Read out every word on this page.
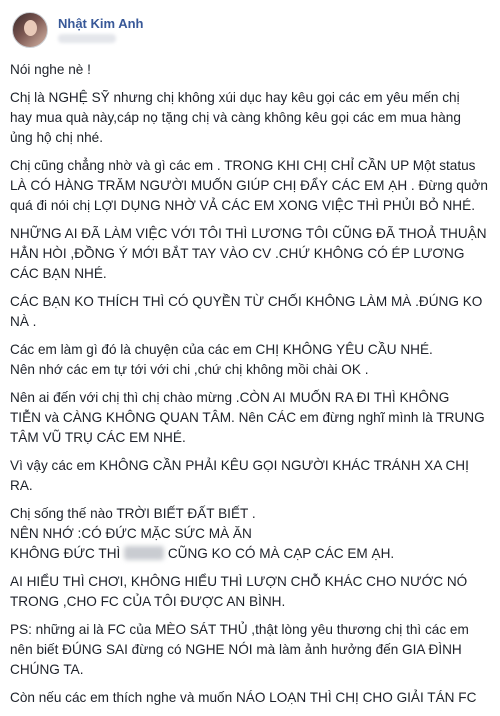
Nhật Kim Anh
Nói nghe nè !
Chị là NGHỆ SỸ nhưng chị không xúi dục hay kêu gọi các em yêu mến chị
hay mua quà này,cáp nọ tặng chị và càng không kêu gọi các em mua hàng
ủng hộ chị nhé.
Chị cũng chẳng nhờ và gì các em . TRONG KHI CHỊ CHỈ CẦN UP Một status
LÀ CÓ HÀNG TRĂM NGƯỜI MUỐN GIÚP CHỊ ĐẨY CÁC EM ẠH . Đừng quởn
quá đi nói chị LỢI DỤNG NHỜ VẢ CÁC EM XONG VIỆC THÌ PHỦI BỎ NHÉ.
NHỮNG AI ĐÃ LÀM VIỆC VỚI TÔI THÌ LƯƠNG TÔI CŨNG ĐÃ THOẢ THUẬN
HẲN HÒI ,ĐỒNG Ý MỚI BẮT TAY VÀO CV .CHỨ KHÔNG CÓ ÉP LƯƠNG
CÁC BẠN NHÉ.
CÁC BẠN KO THÍCH THÌ CÓ QUYỀN TỪ CHỐI KHÔNG LÀM MÀ .ĐÚNG KO
NÀ .
Các em làm gì đó là chuyện của các em CHỊ KHÔNG YÊU CẦU NHÉ.
Nên nhớ các em tự tới với chi ,chứ chị không mồi chài OK .
Nên ai đến với chị thì chị chào mừng .CÒN AI MUỐN RA ĐI THÌ KHÔNG
TIỄN và CÀNG KHÔNG QUAN TÂM. Nên CÁC em đừng nghĩ mình là TRUNG
TÂM VŨ TRỤ CÁC EM NHÉ.
Vì vậy các em KHÔNG CẦN PHẢI KÊU GỌI NGƯỜI KHÁC TRÁNH XA CHỊ
RA.
Chị sống thế nào TRỜI BIẾT ĐẤT BIẾT .
NÊN NHỚ :CÓ ĐỨC MẶC SỨC MÀ ĂN
KHÔNG ĐỨC THÌ	CŨNG KO CÓ MÀ CẠP CÁC EM ẠH.
AI HIỂU THÌ CHƠI, KHÔNG HIỂU THÌ LƯỢN CHỖ KHÁC CHO NƯỚC NÓ
TRONG ,CHO FC CỦA TÔI ĐƯỢC AN BÌNH.
PS: những ai là FC của MÈO SÁT THỦ ,thật lòng yêu thương chị thì các em
nên biết ĐÚNG SAI đừng có NGHE NÓI mà làm ảnh hưởng đến GIA ĐÌNH
CHÚNG TA.
Còn nếu các em thích nghe và muốn NÁO LOẠN THÌ CHỊ CHO GIẢI TÁN FC
